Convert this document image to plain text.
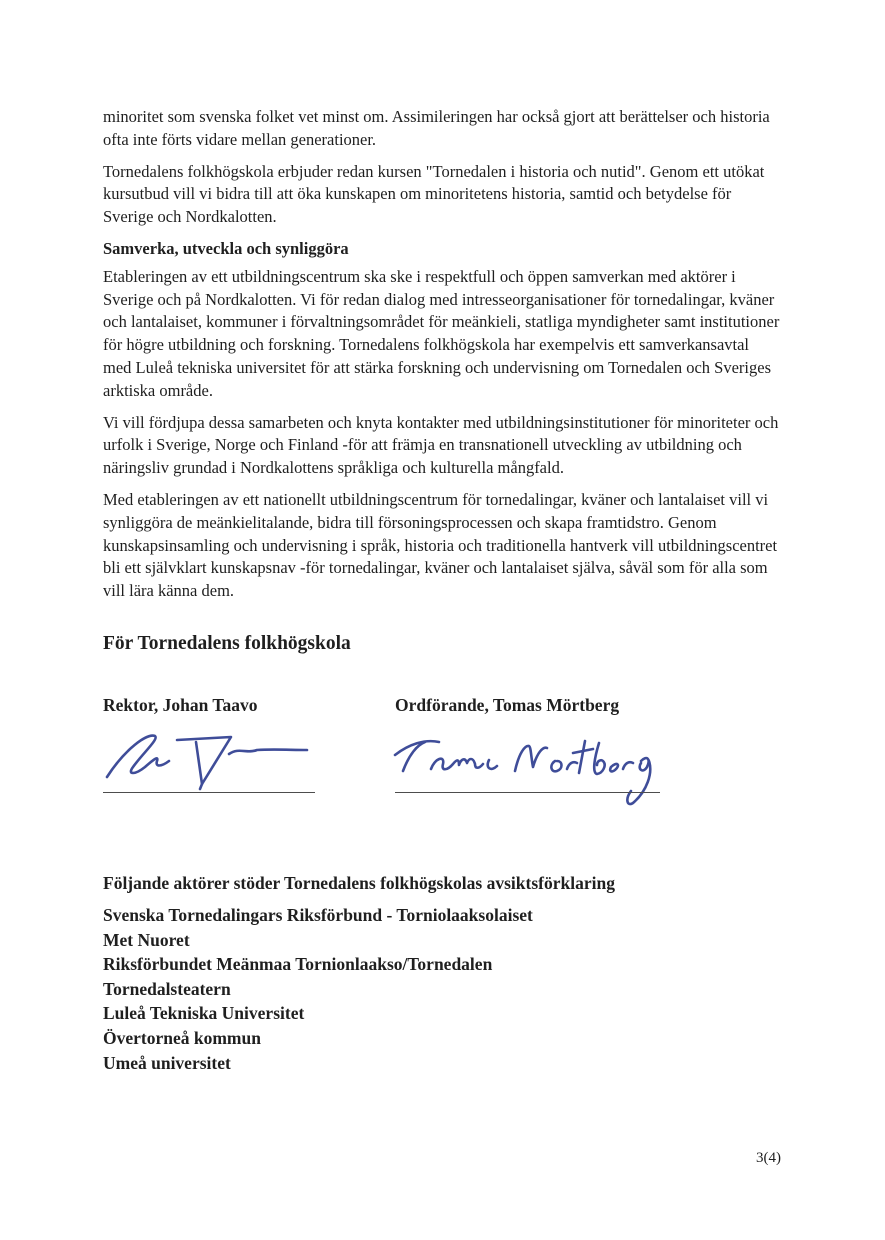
minoritet som svenska folket vet minst om. Assimileringen har också gjort att berättelser och historia ofta inte förts vidare mellan generationer.

Tornedalens folkhögskola erbjuder redan kursen "Tornedalen i historia och nutid". Genom ett utökat kursutbud vill vi bidra till att öka kunskapen om minoritetens historia, samtid och betydelse för Sverige och Nordkalotten.

Samverka, utveckla och synliggöra

Etableringen av ett utbildningscentrum ska ske i respektfull och öppen samverkan med aktörer i Sverige och på Nordkalotten. Vi för redan dialog med intresseorganisationer för tornedalingar, kväner och lantalaiset, kommuner i förvaltningsområdet för meänkieli, statliga myndigheter samt institutioner för högre utbildning och forskning. Tornedalens folkhögskola har exempelvis ett samverkansavtal med Luleå tekniska universitet för att stärka forskning och undervisning om Tornedalen och Sveriges arktiska område.

Vi vill fördjupa dessa samarbeten och knyta kontakter med utbildningsinstitutioner för minoriteter och urfolk i Sverige, Norge och Finland -för att främja en transnationell utveckling av utbildning och näringsliv grundad i Nordkalottens språkliga och kulturella mångfald.

Med etableringen av ett nationellt utbildningscentrum för tornedalingar, kväner och lantalaiset vill vi synliggöra de meänkielitalande, bidra till försoningsprocessen och skapa framtidstro. Genom kunskapsinsamling och undervisning i språk, historia och traditionella hantverk vill utbildningscentret bli ett självklart kunskapsnav -för tornedalingar, kväner och lantalaiset själva, såväl som för alla som vill lära känna dem.

För Tornedalens folkhögskola
Rektor, Johan Taavo	Ordförande, Tomas Mörtberg
Följande aktörer stöder Tornedalens folkhögskolas avsiktsförklaring
Svenska Tornedalingars Riksförbund - Torniolaaksolaiset
Met Nuoret
Riksförbundet Meänmaa Tornionlaakso/Tornedalen
Tornedalsteatern
Luleå Tekniska Universitet
Övertorneå kommun
Umeå universitet
3(4)
